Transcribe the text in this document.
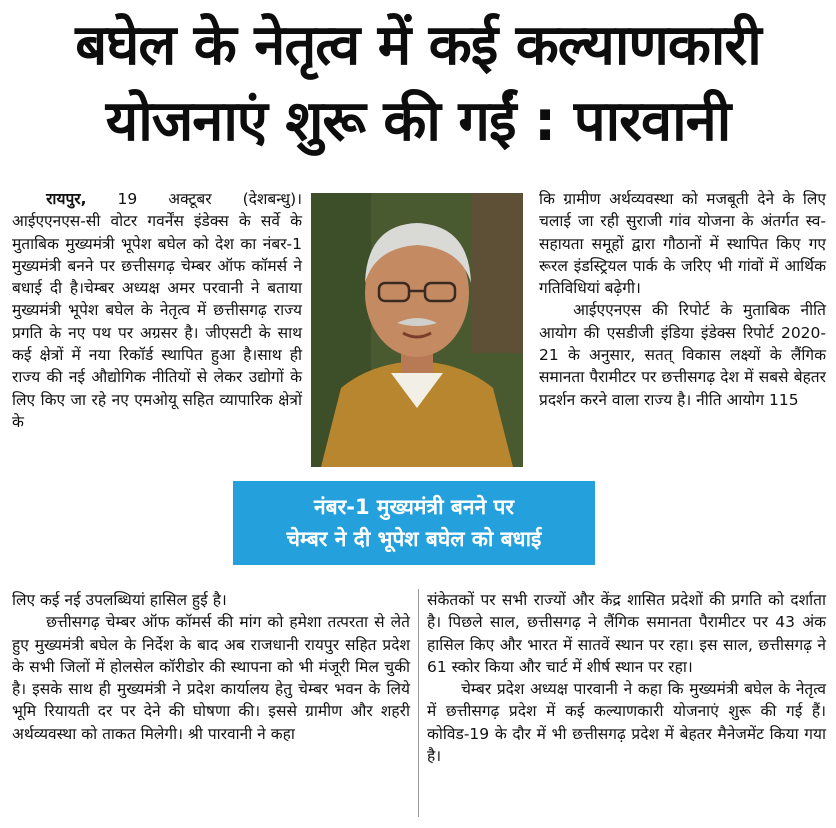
बघेल के नेतृत्व में कई कल्याणकारी
योजनाएं शुरू की गईं : पारवानी

रायपुर, 19 अक्टूबर (देशबन्धु)। आईएएनएस-सी वोटर गवर्नेंस इंडेक्स के सर्वे के मुताबिक मुख्यमंत्री भूपेश बघेल को देश का नंबर-1 मुख्यमंत्री बनने पर छत्तीसगढ़ चेम्बर ऑफ कॉमर्स ने बधाई दी है।चेम्बर अध्यक्ष अमर परवानी ने बताया मुख्यमंत्री भूपेश बघेल के नेतृत्व में छत्तीसगढ़ राज्य प्रगति के नए पथ पर अग्रसर है। जीएसटी के साथ कई क्षेत्रों में नया रिकॉर्ड स्थापित हुआ है।साथ ही राज्य की नई औद्योगिक नीतियों से लेकर उद्योगों के लिए किए जा रहे नए एमओयू सहित व्यापारिक क्षेत्रों के

लिए कई नई उपलब्धियां हासिल हुई है।

छत्तीसगढ़ चेम्बर ऑफ कॉमर्स की मांग को हमेशा तत्परता से लेते हुए मुख्यमंत्री बघेल के निर्देश के बाद अब राजधानी रायपुर सहित प्रदेश के सभी जिलों में होलसेल कॉरीडोर की स्थापना को भी मंजूरी मिल चुकी है। इसके साथ ही मुख्यमंत्री ने प्रदेश कार्यालय हेतु चेम्बर भवन के लिये भूमि रियायती दर पर देने की घोषणा की। इससे ग्रामीण और शहरी अर्थव्यवस्था को ताकत मिलेगी। श्री पारवानी ने कहा

कि ग्रामीण अर्थव्यवस्था को मजबूती देने के लिए चलाई जा रही सुराजी गांव योजना के अंतर्गत स्व-सहायता समूहों द्वारा गौठानों में स्थापित किए गए रूरल इंडस्ट्रियल पार्क के जरिए भी गांवों में आर्थिक गतिविधियां बढ़ेगी।

आईएएनएस की रिपोर्ट के मुताबिक नीति आयोग की एसडीजी इंडिया इंडेक्स रिपोर्ट 2020-21 के अनुसार, सतत् विकास लक्ष्यों के लैंगिक समानता पैरामीटर पर छत्तीसगढ़ देश में सबसे बेहतर प्रदर्शन करने वाला राज्य है। नीति आयोग 115

संकेतकों पर सभी राज्यों और केंद्र शासित प्रदेशों की प्रगति को दर्शाता है। पिछले साल, छत्तीसगढ़ ने लैंगिक समानता पैरामीटर पर 43 अंक हासिल किए और भारत में सातवें स्थान पर रहा। इस साल, छत्तीसगढ़ ने 61 स्कोर किया और चार्ट में शीर्ष स्थान पर रहा।

चेम्बर प्रदेश अध्यक्ष पारवानी ने कहा कि मुख्यमंत्री बघेल के नेतृत्व में छत्तीसगढ़ प्रदेश में कई कल्याणकारी योजनाएं शुरू की गई हैं। कोविड-19 के दौर में भी छत्तीसगढ़ प्रदेश में बेहतर मैनेजमेंट किया गया है।

नंबर-1 मुख्यमंत्री बनने पर
चेम्बर ने दी भूपेश बघेल को बधाई
